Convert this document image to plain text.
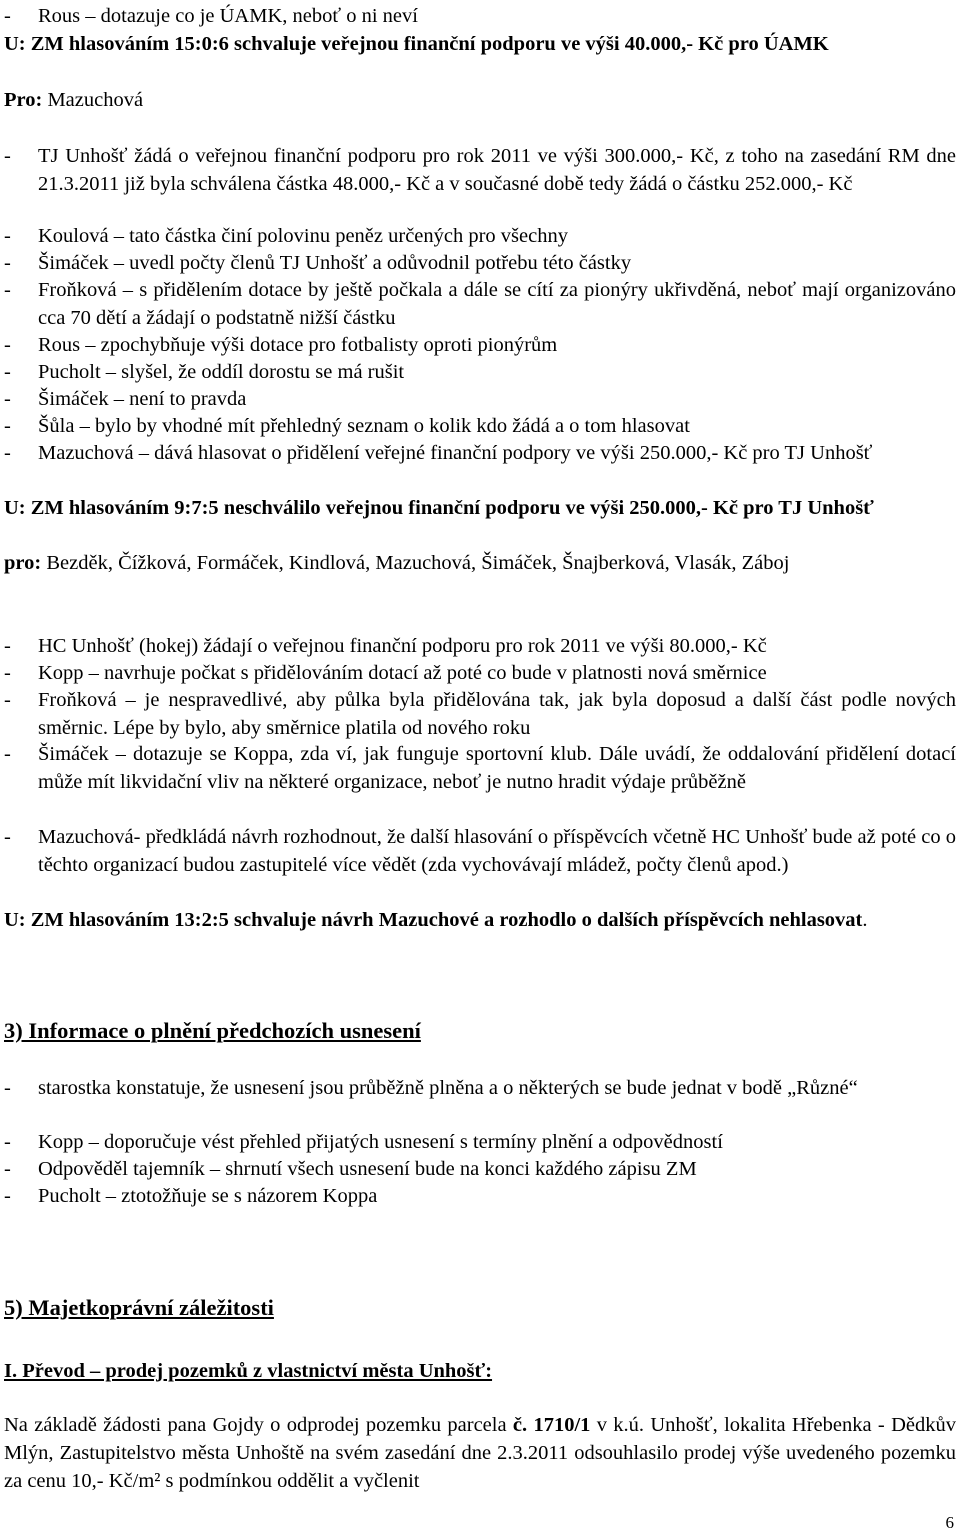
-	Rous – dotazuje co je ÚAMK, neboť o ni neví
U: ZM hlasováním 15:0:6 schvaluje veřejnou finanční podporu ve výši 40.000,- Kč pro ÚAMK
Pro: Mazuchová
-	TJ Unhošť žádá o veřejnou finanční podporu pro rok 2011 ve výši 300.000,- Kč, z toho na zasedání RM dne 21.3.2011 již byla schválena částka 48.000,- Kč a v současné době tedy žádá o částku 252.000,- Kč
-	Koulová – tato částka činí polovinu peněz určených pro všechny
-	Šimáček – uvedl počty členů TJ Unhošť a odůvodnil potřebu této částky
-	Froňková – s přidělením dotace by ještě počkala a dále se cítí za pionýry ukřivděná, neboť mají organizováno cca 70 dětí a žádají o podstatně nižší částku
-	Rous – zpochybňuje výši dotace pro fotbalisty oproti pionýrům
-	Pucholt – slyšel, že oddíl dorostu se má rušit
-	Šimáček – není to pravda
-	Šůla – bylo by vhodné mít přehledný seznam o kolik kdo žádá a o tom hlasovat
-	Mazuchová – dává hlasovat o přidělení veřejné finanční podpory ve výši 250.000,- Kč pro TJ Unhošť
U: ZM hlasováním 9:7:5 neschválilo veřejnou finanční podporu ve výši 250.000,- Kč pro TJ Unhošť
pro: Bezděk, Čížková, Formáček, Kindlová, Mazuchová, Šimáček, Šnajberková, Vlasák, Záboj
-	HC Unhošť (hokej) žádají o veřejnou finanční podporu pro rok 2011 ve výši 80.000,- Kč
-	Kopp – navrhuje počkat s přidělováním dotací až poté co bude v platnosti nová směrnice
-	Froňková – je nespravedlivé, aby půlka byla přidělována tak, jak byla doposud a další část podle nových směrnic. Lépe by bylo, aby směrnice platila od nového roku
-	Šimáček – dotazuje se Koppa, zda ví, jak funguje sportovní klub. Dále uvádí, že oddalování přidělení dotací může mít likvidační vliv na některé organizace, neboť je nutno hradit výdaje průběžně
-	Mazuchová- předkládá návrh rozhodnout, že další hlasování o příspěvcích včetně HC Unhošť bude až poté co o těchto organizací budou zastupitelé více vědět (zda vychovávají mládež, počty členů apod.)
U: ZM hlasováním 13:2:5 schvaluje návrh Mazuchové a rozhodlo o dalších příspěvcích nehlasovat.
3) Informace o plnění předchozích usnesení
-	starostka konstatuje, že usnesení jsou průběžně plněna a o některých se bude jednat v bodě „Různé“
-	Kopp – doporučuje vést přehled přijatých usnesení s termíny plnění a odpovědností
-	Odpověděl tajemník – shrnutí všech usnesení bude na konci každého zápisu ZM
-	Pucholt – ztotožňuje se s názorem Koppa
5) Majetkoprávní záležitosti
I. Převod – prodej pozemků z vlastnictví města Unhošť:
Na základě žádosti pana Gojdy o odprodej pozemku parcela č. 1710/1 v k.ú. Unhošť, lokalita Hřebenka - Dědkův Mlýn, Zastupitelstvo města Unhoště na svém zasedání dne 2.3.2011 odsouhlasilo prodej výše uvedeného pozemku za cenu 10,- Kč/m² s podmínkou oddělit a vyčlenit
6
